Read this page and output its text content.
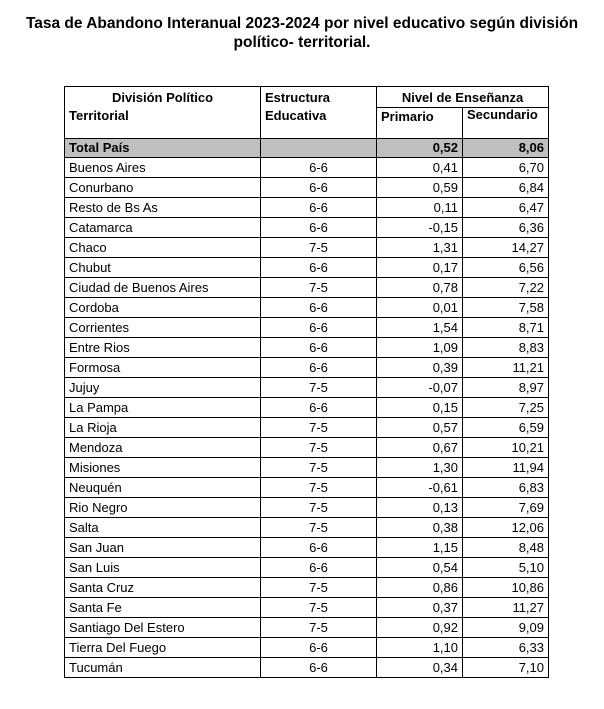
Tasa de Abandono Interanual 2023-2024 por nivel educativo según división político- territorial.
División Político
Territorial	Estructura
Educativa	Nivel de Enseñanza	
		Primario	Secundario
Total País		0,52	8,06
Buenos Aires	6-6	0,41	6,70
Conurbano	6-6	0,59	6,84
Resto de Bs As	6-6	0,11	6,47
Catamarca	6-6	-0,15	6,36
Chaco	7-5	1,31	14,27
Chubut	6-6	0,17	6,56
Ciudad de Buenos Aires	7-5	0,78	7,22
Cordoba	6-6	0,01	7,58
Corrientes	6-6	1,54	8,71
Entre Rios	6-6	1,09	8,83
Formosa	6-6	0,39	11,21
Jujuy	7-5	-0,07	8,97
La Pampa	6-6	0,15	7,25
La Rioja	7-5	0,57	6,59
Mendoza	7-5	0,67	10,21
Misiones	7-5	1,30	11,94
Neuquén	7-5	-0,61	6,83
Rio Negro	7-5	0,13	7,69
Salta	7-5	0,38	12,06
San Juan	6-6	1,15	8,48
San Luis	6-6	0,54	5,10
Santa Cruz	7-5	0,86	10,86
Santa Fe	7-5	0,37	11,27
Santiago Del Estero	7-5	0,92	9,09
Tierra Del Fuego	6-6	1,10	6,33
Tucumán	6-6	0,34	7,10
